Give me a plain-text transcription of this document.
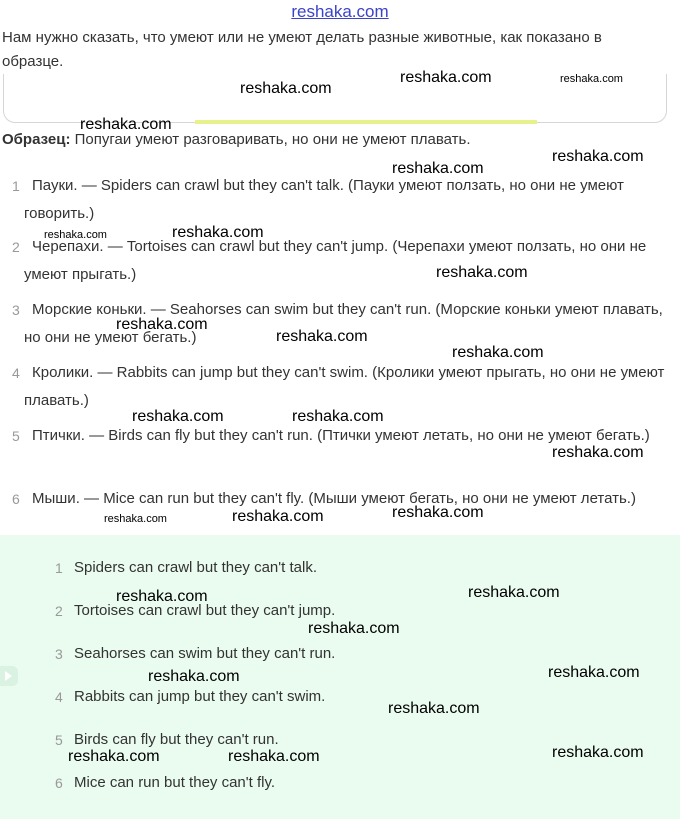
reshaka.com
Нам нужно сказать, что умеют или не умеют делать разные животные, как показано в образце.
Образец: Попугаи умеют разговаривать, но они не умеют плавать.
1 Пауки. — Spiders can crawl but they can't talk. (Пауки умеют ползать, но они не умеют говорить.)
2 Черепахи. — Tortoises can crawl but they can't jump. (Черепахи умеют ползать, но они не умеют прыгать.)
3 Морские коньки. — Seahorses can swim but they can't run. (Морские коньки умеют плавать, но они не умеют бегать.)
4 Кролики. — Rabbits can jump but they can't swim. (Кролики умеют прыгать, но они не умеют плавать.)
5 Птички. — Birds can fly but they can't run. (Птички умеют летать, но они не умеют бегать.)
6 Мыши. — Mice can run but they can't fly. (Мыши умеют бегать, но они не умеют летать.)
1 Spiders can crawl but they can't talk.
2 Tortoises can crawl but they can't jump.
3 Seahorses can swim but they can't run.
4 Rabbits can jump but they can't swim.
5 Birds can fly but they can't run.
6 Mice can run but they can't fly.
reshaka.com	reshaka.com
reshaka.com
reshaka.com
reshaka.com
reshaka.com
reshaka.com	reshaka.com
reshaka.com
reshaka.com
reshaka.com
reshaka.com
reshaka.com	reshaka.com
reshaka.com
reshaka.com	reshaka.com	reshaka.com
reshaka.com
reshaka.com
reshaka.com
reshaka.com
reshaka.com
reshaka.com
reshaka.com
reshaka.com	reshaka.com
